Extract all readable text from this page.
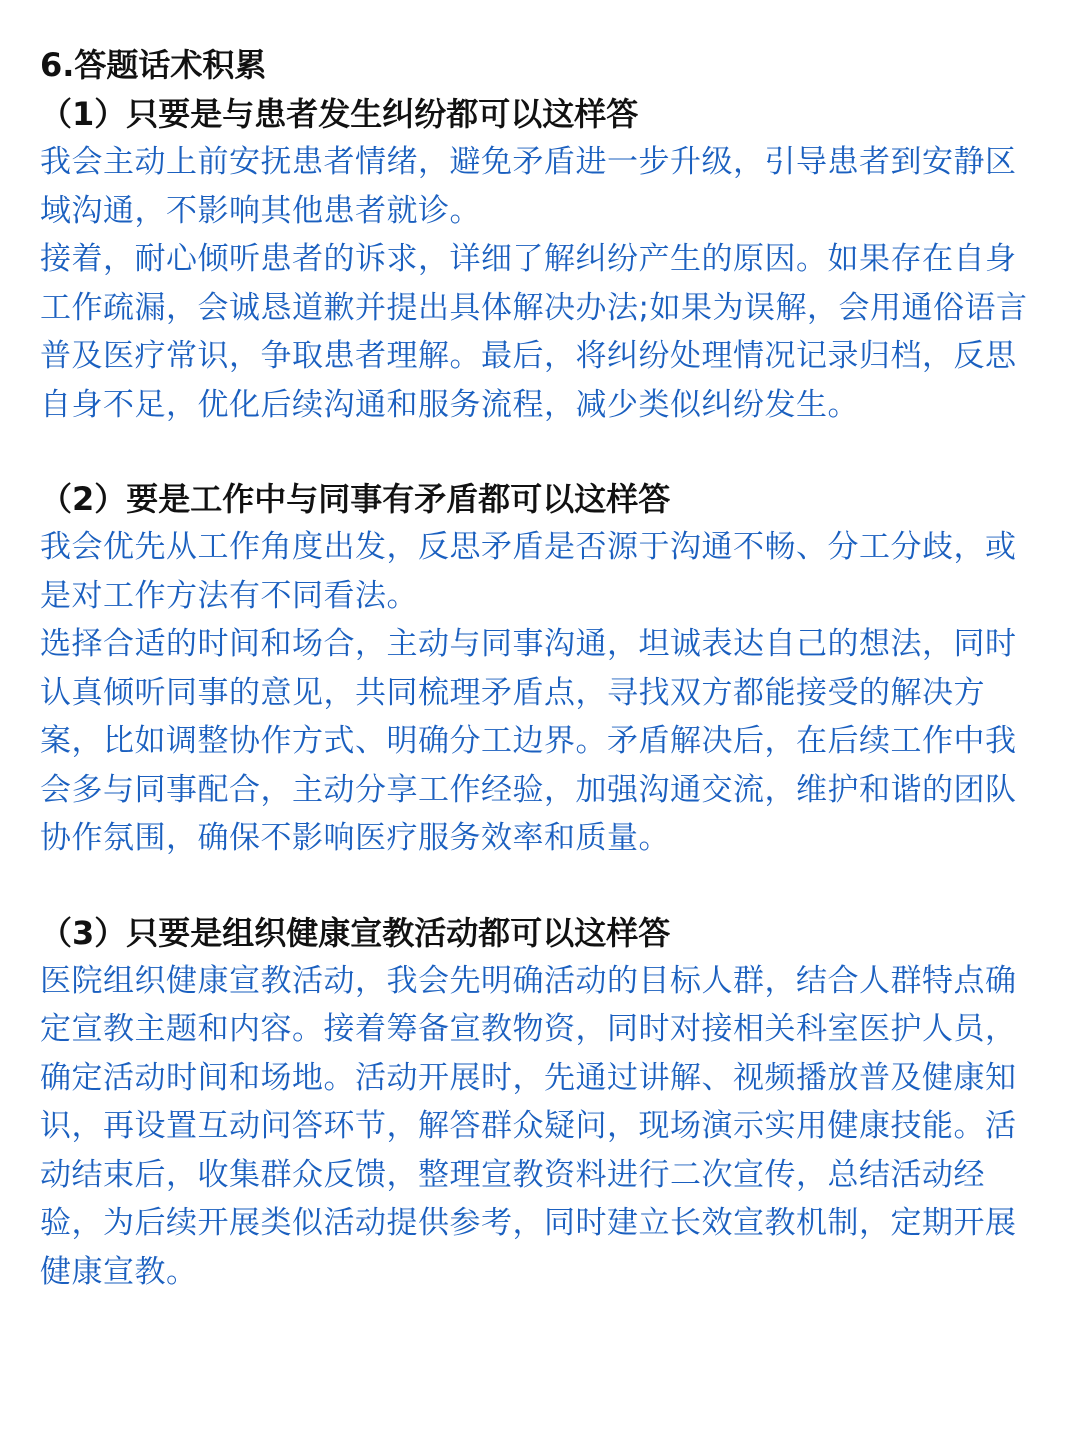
6.答题话术积累
（1）只要是与患者发生纠纷都可以这样答

我会主动上前安抚患者情绪，避免矛盾进一步升级，引导患者到安静区域沟通，不影响其他患者就诊。

接着，耐心倾听患者的诉求，详细了解纠纷产生的原因。如果存在自身工作疏漏，会诚恳道歉并提出具体解决办法;如果为误解，会用通俗语言普及医疗常识，争取患者理解。最后，将纠纷处理情况记录归档，反思自身不足，优化后续沟通和服务流程，减少类似纠纷发生。

（2）要是工作中与同事有矛盾都可以这样答

我会优先从工作角度出发，反思矛盾是否源于沟通不畅、分工分歧，或是对工作方法有不同看法。

选择合适的时间和场合，主动与同事沟通，坦诚表达自己的想法，同时认真倾听同事的意见，共同梳理矛盾点，寻找双方都能接受的解决方案，比如调整协作方式、明确分工边界。矛盾解决后，在后续工作中我会多与同事配合，主动分享工作经验，加强沟通交流，维护和谐的团队协作氛围，确保不影响医疗服务效率和质量。

（3）只要是组织健康宣教活动都可以这样答

医院组织健康宣教活动，我会先明确活动的目标人群，结合人群特点确定宣教主题和内容。接着筹备宣教物资，同时对接相关科室医护人员，确定活动时间和场地。活动开展时，先通过讲解、视频播放普及健康知识，再设置互动问答环节，解答群众疑问，现场演示实用健康技能。活动结束后，收集群众反馈，整理宣教资料进行二次宣传，总结活动经验，为后续开展类似活动提供参考，同时建立长效宣教机制，定期开展健康宣教。
